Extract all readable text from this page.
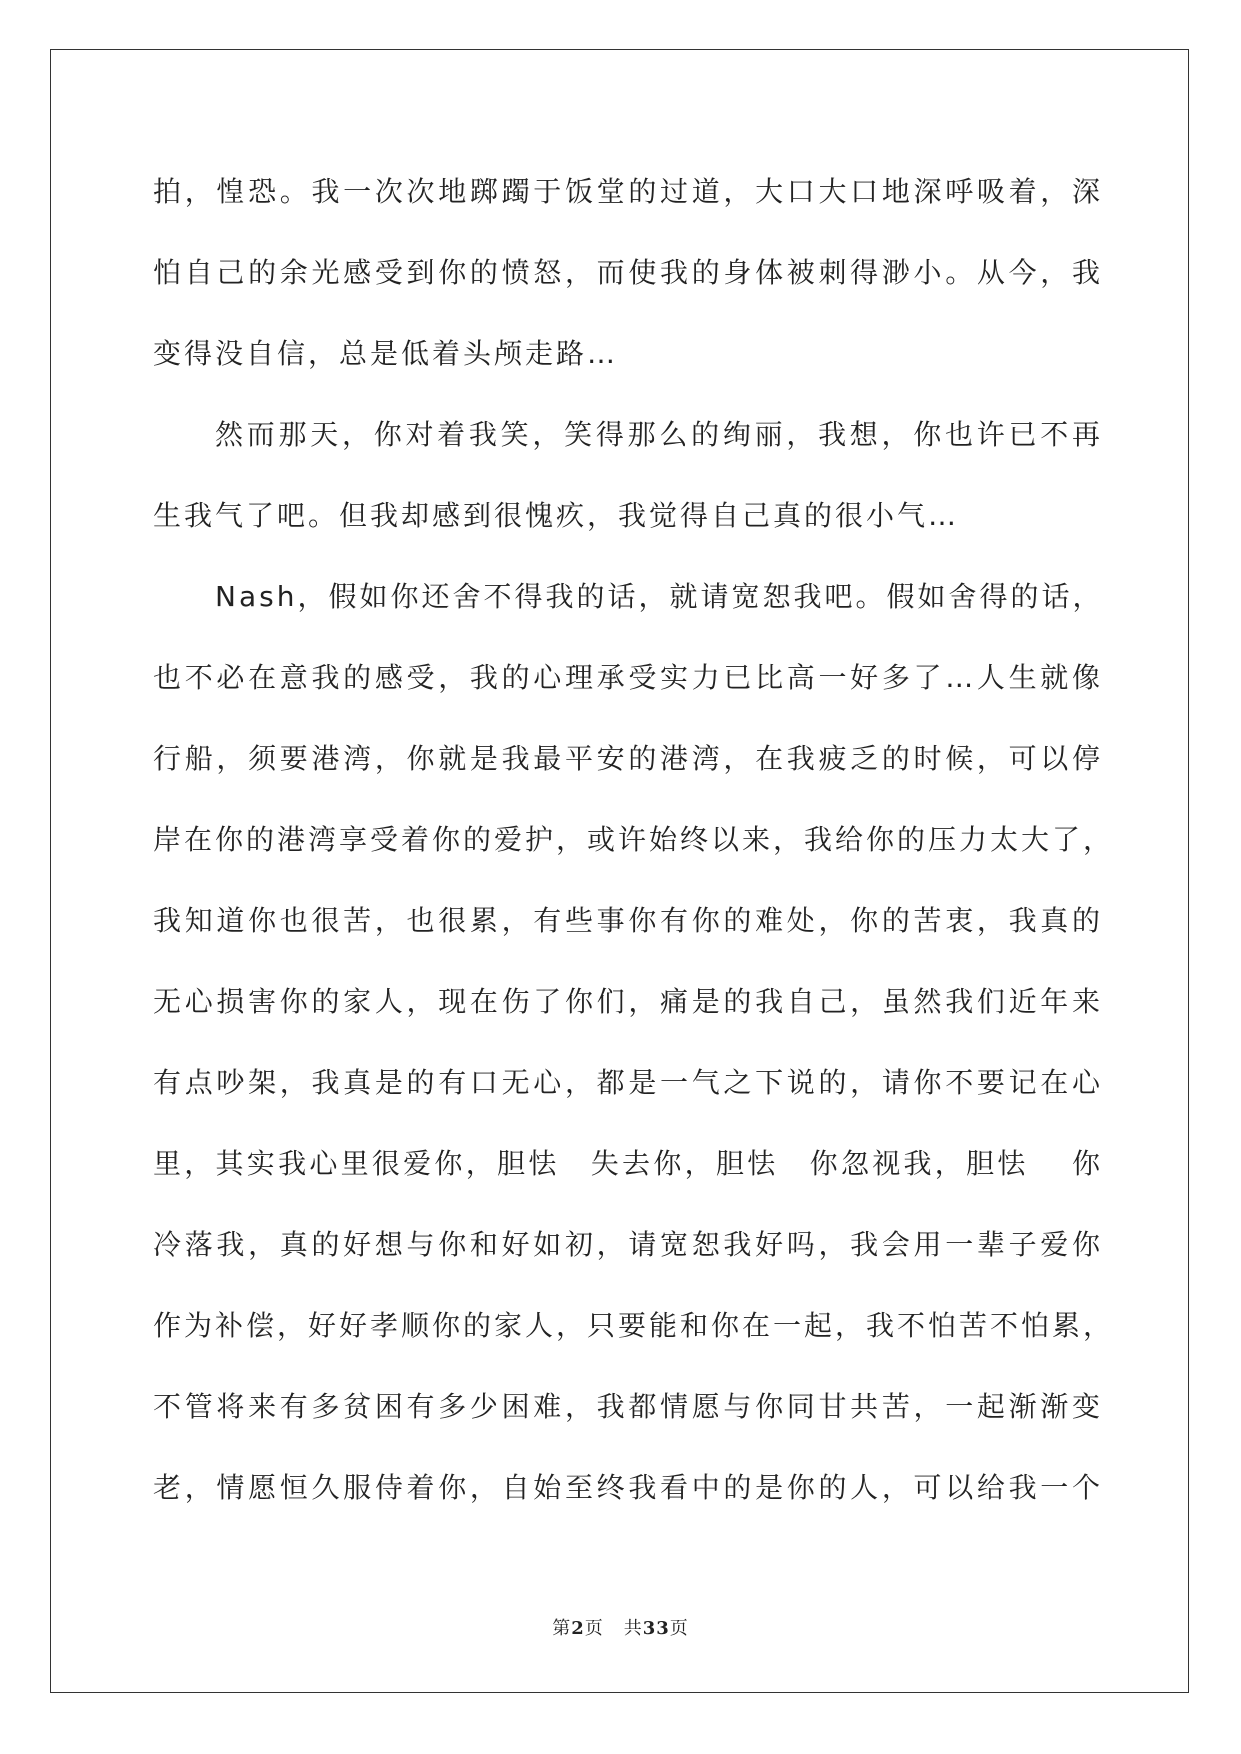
拍，惶恐。我一次次地踯躅于饭堂的过道，大口大口地深呼吸着，深
怕自己的余光感受到你的愤怒，而使我的身体被刺得渺小。从今，我
变得没自信，总是低着头颅走路…
然而那天，你对着我笑，笑得那么的绚丽，我想，你也许已不再
生我气了吧。但我却感到很愧疚，我觉得自己真的很小气…
Nash，假如你还舍不得我的话，就请宽恕我吧。假如舍得的话，
也不必在意我的感受，我的心理承受实力已比高一好多了…人生就像
行船，须要港湾，你就是我最平安的港湾，在我疲乏的时候，可以停
岸在你的港湾享受着你的爱护，或许始终以来，我给你的压力太大了，
我知道你也很苦，也很累，有些事你有你的难处，你的苦衷，我真的
无心损害你的家人，现在伤了你们，痛是的我自己，虽然我们近年来
有点吵架，我真是的有口无心，都是一气之下说的，请你不要记在心
里，其实我心里很爱你，胆怯　失去你，胆怯　你忽视我，胆怯　 你
冷落我，真的好想与你和好如初，请宽恕我好吗，我会用一辈子爱你
作为补偿，好好孝顺你的家人，只要能和你在一起，我不怕苦不怕累，
不管将来有多贫困有多少困难，我都情愿与你同甘共苦，一起渐渐变
老，情愿恒久服侍着你，自始至终我看中的是你的人，可以给我一个
第2页 共33页
